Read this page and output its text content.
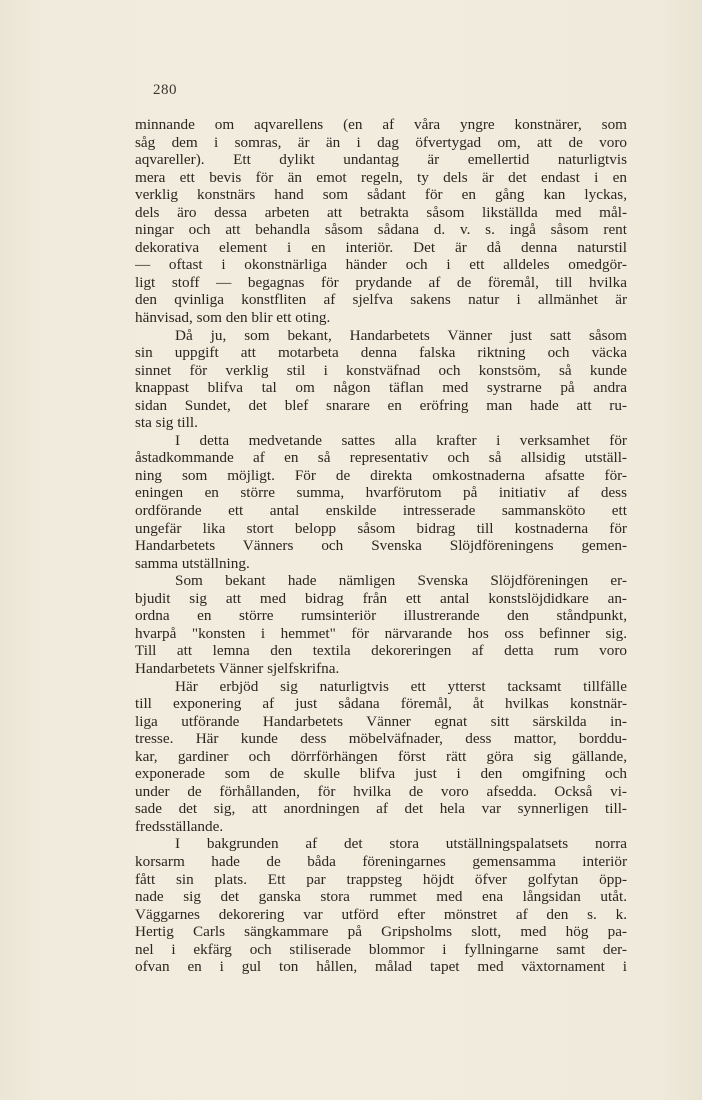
280
minnande om aqvarellens (en af våra yngre konstnärer, som
såg dem i somras, är än i dag öfvertygad om, att de voro
aqvareller). Ett dylikt undantag är emellertid naturligtvis
mera ett bevis för än emot regeln, ty dels är det endast i en
verklig konstnärs hand som sådant för en gång kan lyckas,
dels äro dessa arbeten att betrakta såsom likställda med mål-
ningar och att behandla såsom sådana d. v. s. ingå såsom rent
dekorativa element i en interiör. Det är då denna naturstil
— oftast i okonstnärliga händer och i ett alldeles omedgör-
ligt stoff — begagnas för prydande af de föremål, till hvilka
den qvinliga konstfliten af sjelfva sakens natur i allmänhet är
hänvisad, som den blir ett oting.
Då ju, som bekant, Handarbetets Vänner just satt såsom
sin uppgift att motarbeta denna falska riktning och väcka
sinnet för verklig stil i konstväfnad och konstsöm, så kunde
knappast blifva tal om någon täflan med systrarne på andra
sidan Sundet, det blef snarare en eröfring man hade att ru-
sta sig till.
I detta medvetande sattes alla krafter i verksamhet för
åstadkommande af en så representativ och så allsidig utställ-
ning som möjligt. För de direkta omkostnaderna afsatte för-
eningen en större summa, hvarförutom på initiativ af dess
ordförande ett antal enskilde intresserade sammansköto ett
ungefär lika stort belopp såsom bidrag till kostnaderna för
Handarbetets Vänners och Svenska Slöjdföreningens gemen-
samma utställning.
Som bekant hade nämligen Svenska Slöjdföreningen er-
bjudit sig att med bidrag från ett antal konstslöjdidkare an-
ordna en större rumsinteriör illustrerande den ståndpunkt,
hvarpå "konsten i hemmet" för närvarande hos oss befinner sig.
Till att lemna den textila dekoreringen af detta rum voro
Handarbetets Vänner sjelfskrifna.
Här erbjöd sig naturligtvis ett ytterst tacksamt tillfälle
till exponering af just sådana föremål, åt hvilkas konstnär-
liga utförande Handarbetets Vänner egnat sitt särskilda in-
tresse. Här kunde dess möbelväfnader, dess mattor, borddu-
kar, gardiner och dörrförhängen först rätt göra sig gällande,
exponerade som de skulle blifva just i den omgifning och
under de förhållanden, för hvilka de voro afsedda. Också vi-
sade det sig, att anordningen af det hela var synnerligen till-
fredsställande.
I bakgrunden af det stora utställningspalatsets norra
korsarm hade de båda föreningarnes gemensamma interiör
fått sin plats. Ett par trappsteg höjdt öfver golfytan öpp-
nade sig det ganska stora rummet med ena långsidan utåt.
Väggarnes dekorering var utförd efter mönstret af den s. k.
Hertig Carls sängkammare på Gripsholms slott, med hög pa-
nel i ekfärg och stiliserade blommor i fyllningarne samt der-
ofvan en i gul ton hållen, målad tapet med växtornament i
